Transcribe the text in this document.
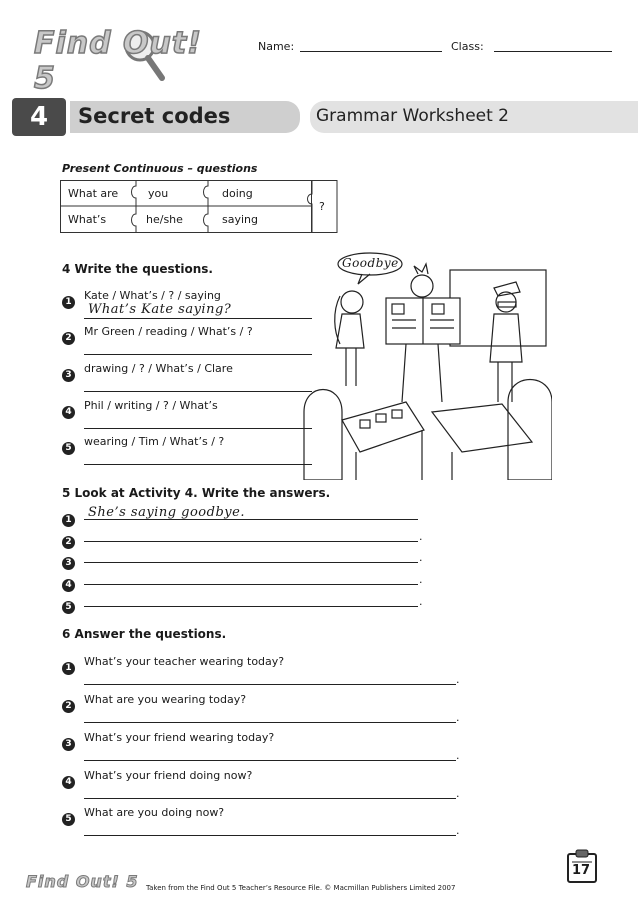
Find Out! 5
Name:	Class:
4	Secret codes	Grammar Worksheet 2
Present Continuous – questions
What are	you	doing
What’s	he/she	saying
?
Goodbye
4 Write the questions.
1 Kate / What’s / ? / saying
What’s Kate saying?
2 Mr Green / reading / What’s / ?
3 drawing / ? / What’s / Clare
4 Phil / writing / ? / What’s
5 wearing / Tim / What’s / ?
5 Look at Activity 4. Write the answers.
1 She’s saying goodbye.
2	.
3	.
4	.
5	.
6 Answer the questions.
1 What’s your teacher wearing today?
.
2 What are you wearing today?
.
3 What’s your friend wearing today?
.
4 What’s your friend doing now?
.
5 What are you doing now?
.
Find Out! 5 Taken from the Find Out 5 Teacher’s Resource File. © Macmillan Publishers Limited 2007
17
